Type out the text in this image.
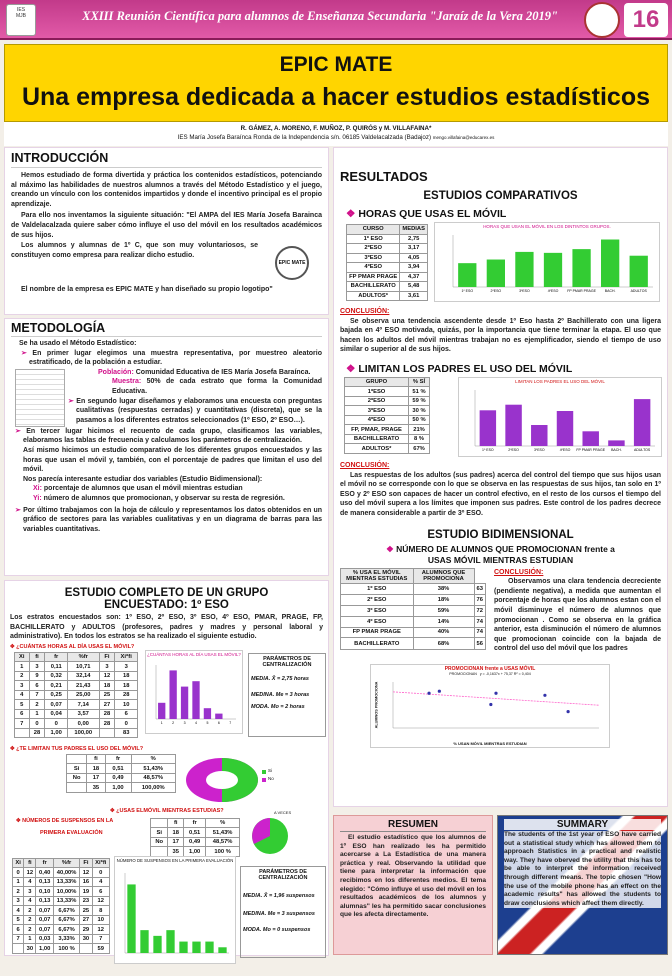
IES
MJB	XXIII Reunión Científica para alumnos de Enseñanza Secundaria "Jaraíz de la Vera 2019"	16
EPIC MATE
Una empresa dedicada a hacer estudios estadísticos
R. GÁMEZ, A. MORENO, F. MUÑOZ, P. QUIRÓS y M. VILLAFAINA*
IES María Josefa Baraínca Ronda de la Independencia s/n. 06185 Valdelacalzada (Badajoz) mengo.villafaina@educarex.es
INTRODUCCIÓN

Hemos estudiado de forma divertida y práctica los contenidos estadísticos, potenciando al máximo las habilidades de nuestros alumnos a través del Método Estadístico y el juego, creando un vínculo con los contenidos impartidos y donde el incentivo principal es el propio aprendizaje.

Para ello nos inventamos la siguiente situación: "El AMPA del IES María Josefa Barainca de Valdelacalzada quiere saber cómo influye el uso del móvil en los resultados académicos de sus hijos.

Los alumnos y alumnas de 1º C, que son muy voluntariosos, se constituyen como empresa para realizar dicho estudio.

EPIC MATE

El nombre de la empresa es EPIC MATE y han diseñado su propio logotipo"

METODOLOGÍA

Se ha usado el Método Estadístico:

➢ En primer lugar elegimos una muestra representativa, por muestreo aleatorio estratificado, de la población a estudiar.

Población: Comunidad Educativa de IES María Josefa Baraínca.

Muestra: 50% de cada estrato que forma la Comunidad Educativa.

➢ En segundo lugar diseñamos y elaboramos una encuesta con preguntas cualitativas (respuestas cerradas) y cuantitativas (discreta), que se la pasamos a los diferentes estratos seleccionados (1º ESO, 2º ESO…).

➢ En tercer lugar hicimos el recuento de cada grupo, clasificamos las variables, elaboramos las tablas de frecuencia y calculamos los parámetros de centralización.

Así mismo hicimos un estudio comparativo de los diferentes grupos encuestados y las horas que usan el móvil y, también, con el porcentaje de padres que limitan el uso del móvil.

Nos parecía interesante estudiar dos variables (Estudio Bidimensional):

Xi: porcentaje de alumnos que usan el móvil mientras estudian

Yi: número de alumnos que promocionan, y observar su resta de regresión.

➢ Por último trabajamos con la hoja de cálculo y representamos los datos obtenidos en un gráfico de sectores para las variables cualitativas y en un diagrama de barras para las variables cuantitativas.

ESTUDIO COMPLETO DE UN GRUPO
ENCUESTADO: 1º ESO

Los estratos encuestados son: 1º ESO, 2º ESO, 3º ESO, 4º ESO, PMAR, PRAGE, FP, BACHILLERATO y ADULTOS (profesores, padres y madres y personal laboral y administrativo). En todos los estratos se ha realizado el siguiente estudio.

✥ ¿CUÁNTAS HORAS AL DÍA USAS EL MÓVIL?
Xi	fi	fr	%fr	Fi	Xi*fi
1	3	0,11	10,71	3	3
2	9	0,32	32,14	12	18
3	6	0,21	21,43	18	18
4	7	0,25	25,00	25	28
5	2	0,07	7,14	27	10
6	1	0,04	3,57	28	6
7	0	0	0,00	28	0
	28	1,00	100,00		83
¿CUÁNTAS HORAS AL DÍA USAS EL MÓVIL?
1	2	3	4	5	6	7
PARÁMETROS DE CENTRALIZACIÓN
MEDIA. X̄ = 2,75 horas
MEDINA. Me = 3 horas
MODA. Mo = 2 horas
✥ ¿TE LIMITAN TUS PADRES EL USO DEL MÓVIL?
	fi	fr	%
Si	18	0,51	51,43%
No	17	0,49	48,57%
	35	1,00	100,00%
Si
No
✥ ¿USAS ELMÓVIL MIENTRAS ESTUDIAS?
	fi	fr	%
Si	18	0,51	51,43%
No	17	0,49	48,57%
	35	1,00	100 %
A VECES
✥ NÚMEROS DE SUSPENSOS EN LA
PRIMERA EVALUACIÓN
Xi	fi	fr	%fr	Fi	Xi*fi
0	12	0,40	40,00%	12	0
1	4	0,13	13,33%	16	4
2	3	0,10	10,00%	19	6
3	4	0,13	13,33%	23	12
4	2	0,07	6,67%	25	8
5	2	0,07	6,67%	27	10
6	2	0,07	6,67%	29	12
7	1	0,03	3,33%	30	7
	30	1,00	100 %		59
NÚMERO DE SUSPENSOS EN LA PRIMERA EVALUACIÓN
PARÁMETROS DE CENTRALIZACIÓN
MEDIA. X̄ = 1,96 suspensos
MEDINA. Me = 3 suspensos
MODA. Mo = 0 suspensos
RESULTADOS
ESTUDIOS COMPARATIVOS
❖ HORAS QUE USAS EL MÓVIL
CURSO	MEDIAS
1º ESO	2,75
2ºESO	3,17
3ºESO	4,05
4ºESO	3,94
FP PMAR PRAGE	4,37
BACHILLERATO	5,48
ADULTOS*	3,61
HORAS QUE USAN EL MÓVIL EN LOS DINTINTOS GRUPOS.
1º ESO	2ºESO	3ºESO	4ºESO	FP PMAR PRAGE	BACH.	ADULTOS

CONCLUSIÓN:

Se observa una tendencia ascendente desde 1º Eso hasta 2º Bachillerato con una ligera bajada en 4º ESO motivada, quizás, por la importancia que tiene terminar la etapa. El uso que hacen los adultos del móvil mientras trabajan no es ejemplificador, siendo el tiempo de uso similar o superior al de sus hijos.

❖ LIMITAN LOS PADRES EL USO DEL MÓVIL
GRUPO	% SÍ
1ºESO	51 %
2ºESO	59 %
3ºESO	30 %
4ºESO	50 %
FP, PMAR, PRAGE	21%
BACHILLERATO	8 %
ADULTOS*	67%
LIMITAN LOS PADRES EL USO DEL MÓVIL
1º ESO	2ºESO	3ºESO	4ºESO FP PMAR PRAGE BACH.	ADULTOS

CONCLUSIÓN:

Las respuestas de los adultos (sus padres) acerca del control del tiempo que sus hijos usan el móvil no se corresponde con lo que se observa en las respuestas de sus hijos, tan solo en 1º ESO y 2º ESO son capaces de hacer un control efectivo, en el resto de los cursos el tiempo del uso del móvil supera a los límites que imponen sus padres. Este control de los padres decrece de manera considerable a partir de 3º ESO.

ESTUDIO BIDIMENSIONAL
❖ NÚMERO DE ALUMNOS QUE PROMOCIONAN frente a
USAS MÓVIL MIENTRAS ESTUDIAN
% USA EL MÓVIL MIENTRAS ESTUDIAS	ALUMNOS QUE PROMOCIONA	
1º ESO	38%	63
2º ESO	18%	76
3º ESO	59%	72
4º ESO	14%	74
FP PMAR PRAGE	40%	74
BACHILLERATO	68%	56

CONCLUSIÓN:

Observamos una clara tendencia decreciente (pendiente negativa), a medida que aumentan el porcentaje de horas que los alumnos estan con el móvil disminuye el número de alumnos que promocionan . Como se observa en la gráfica anterior, esta disminución el número de alumnos que promocionan coincide con la bajada de control del uso del móvil que los padres

PROMOCIONAN frente a USAS MÓVIL
PROMOCIONAN y = -0,1637x + 75,37 R² = 0,404
% USAN MÓVIL MIENTRAS ESTUDIAN
ALUMNOS PROMOCIONA
RESUMEN

El estudio estadístico que los alumnos de 1º ESO han realizado les ha permitido acercarse a La Estadística de una manera práctica y real. Observando la utilidad que tiene para interpretar la información que recibimos en los diferentes medios. El tema elegido: "Cómo influye el uso del móvil en los resultados académicos de los alumnos y alumnas" les ha permitido sacar conclusiones que les afecta directamente.

SUMMARY

The students of the 1st year of ESO have carried out a statistical study which has allowed them to approach Statistics in a practical and realistic way. They have oberved the utility that this has to be able to interpret the information received through different means. The topic chosen "How the use of the mobile phone has an effect on the academic results" has allowed the students to draw conclusions which affect them directly.
